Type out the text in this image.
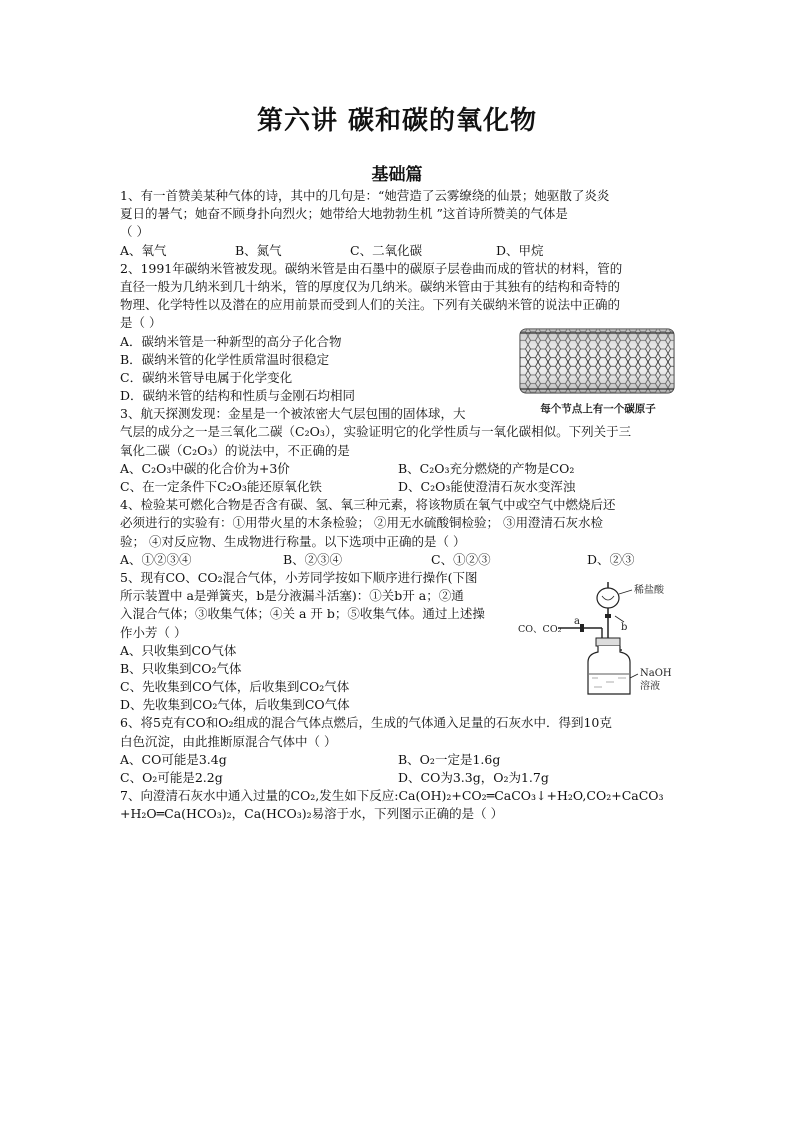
第六讲 碳和碳的氧化物
基础篇
1、有一首赞美某种气体的诗，其中的几句是：“她营造了云雾缭绕的仙景；她驱散了炎炎
夏日的暑气；她奋不顾身扑向烈火；她带给大地勃勃生机 ”这首诗所赞美的气体是
（ ）
A、氧气	B、氮气	C、二氧化碳	D、甲烷
2、1991年碳纳米管被发现。碳纳米管是由石墨中的碳原子层卷曲而成的管状的材料，管的
直径一般为几纳米到几十纳米，管的厚度仅为几纳米。碳纳米管由于其独有的结构和奇特的
物理、化学特性以及潜在的应用前景而受到人们的关注。下列有关碳纳米管的说法中正确的
是（ ）
A．碳纳米管是一种新型的高分子化合物
B．碳纳米管的化学性质常温时很稳定
C．碳纳米管导电属于化学变化
D．碳纳米管的结构和性质与金刚石均相同
3、航天探测发现：金星是一个被浓密大气层包围的固体球，大
气层的成分之一是三氧化二碳（C₂O₃），实验证明它的化学性质与一氧化碳相似。下列关于三
氧化二碳（C₂O₃）的说法中，不正确的是
A、C₂O₃中碳的化合价为+3价	B、C₂O₃充分燃烧的产物是CO₂
C、在一定条件下C₂O₃能还原氧化铁	D、C₂O₃能使澄清石灰水变浑浊
4、检验某可燃化合物是否含有碳、氢、氧三种元素，将该物质在氧气中或空气中燃烧后还
必须进行的实验有：①用带火星的木条检验； ②用无水硫酸铜检验； ③用澄清石灰水检
验； ④对反应物、生成物进行称量。以下选项中正确的是（ ）
A、①②③④	B、②③④	C、①②③	D、②③
5、现有CO、CO₂混合气体，小芳同学按如下顺序进行操作(下图
所示装置中 a是弹簧夹，b是分液漏斗活塞)：①关b开 a；②通
入混合气体；③收集气体；④关 a 开 b；⑤收集气体。通过上述操
作小芳（ ）
A、只收集到CO气体
B、只收集到CO₂气体
C、先收集到CO气体，后收集到CO₂气体
D、先收集到CO₂气体，后收集到CO气体
6、将5克有CO和O₂组成的混合气体点燃后，生成的气体通入足量的石灰水中．得到10克
白色沉淀，由此推断原混合气体中（ ）
A、CO可能是3.4g	B、O₂一定是1.6g
C、O₂可能是2.2g	D、CO为3.3g，O₂为1.7g
7、向澄清石灰水中通入过量的CO₂,发生如下反应:Ca(OH)₂+CO₂═CaCO₃↓+H₂O,CO₂+CaCO₃
+H₂O═Ca(HCO₃)₂，Ca(HCO₃)₂易溶于水，下列图示正确的是（ ）
每个节点上有一个碳原子
稀盐酸
b
a
CO、CO₂
NaOH
溶液
